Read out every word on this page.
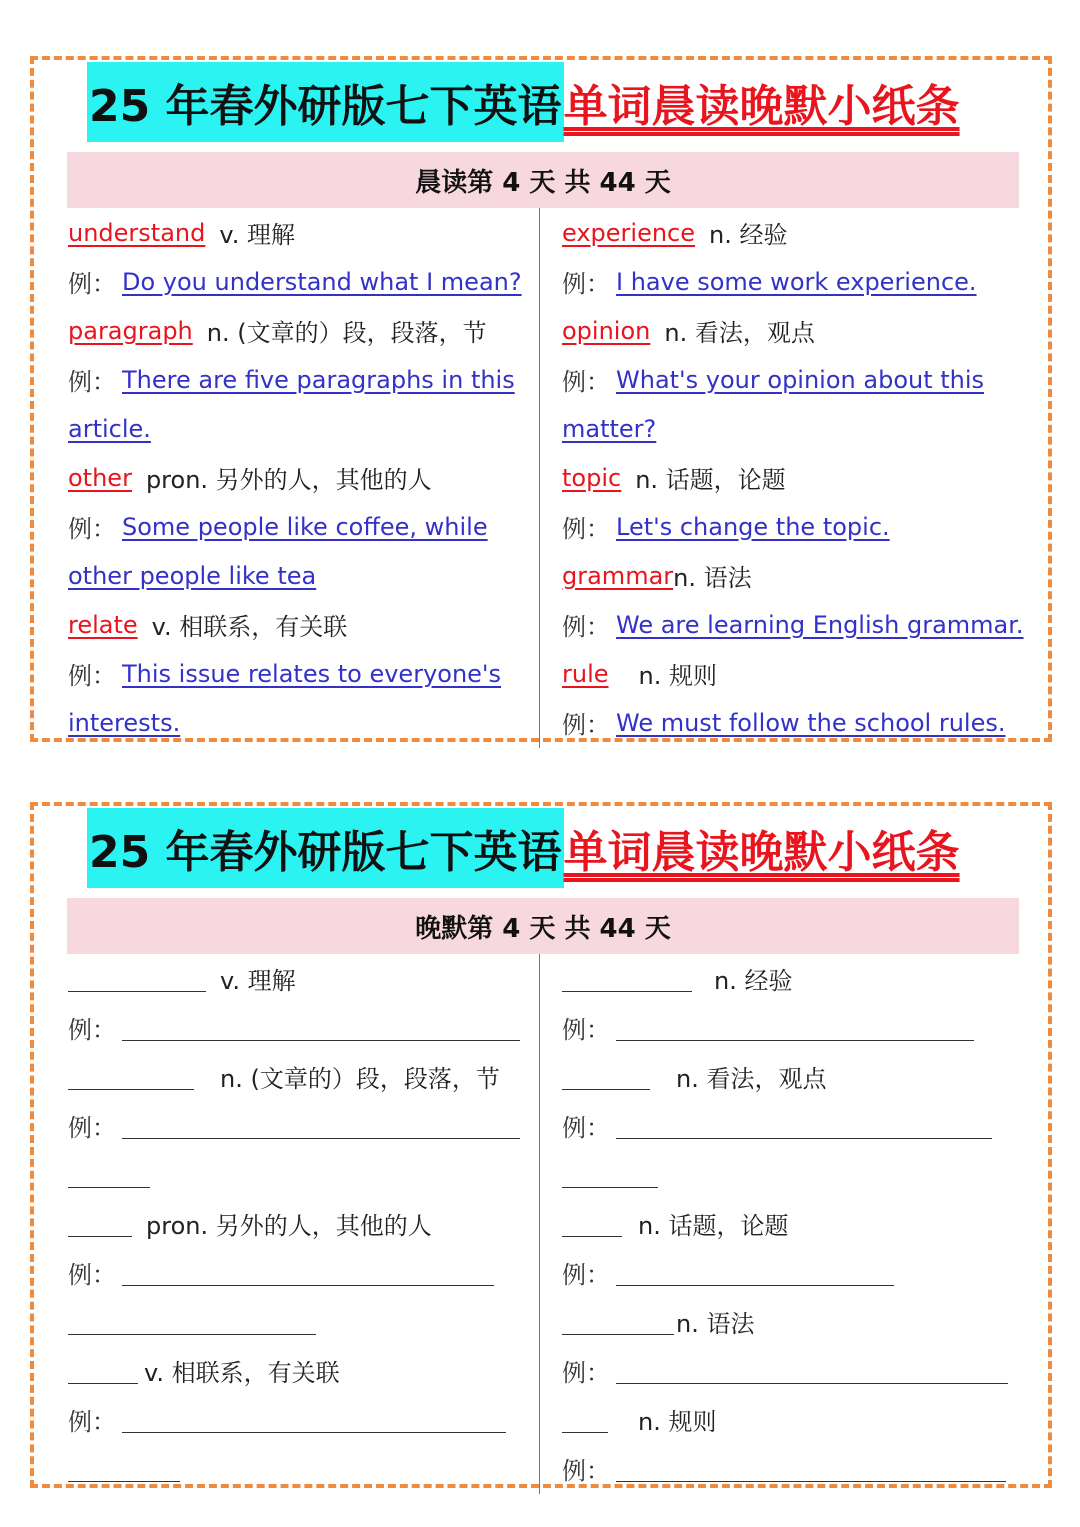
25 年春外研版七下英语 单词晨读晚默小纸条
晨读第 4 天 共 44 天
understand v. 理解
例： Do you understand what I mean?
paragraph n. (文章的）段，段落，节
例： There are five paragraphs in this
article.
other pron. 另外的人，其他的人
例： Some people like coffee, while
other people like tea
relate v. 相联系，有关联
例： This issue relates to everyone's
interests.
experience n. 经验
例： I have some work experience.
opinion n. 看法，观点
例： What's your opinion about this
matter?
topic n. 话题，论题
例： Let's change the topic.
grammar n. 语法
例： We are learning English grammar.
rule n. 规则
例： We must follow the school rules.
25 年春外研版七下英语 单词晨读晚默小纸条
晚默第 4 天 共 44 天
v. 理解
例：
n. (文章的）段，段落，节
例：
pron. 另外的人，其他的人
例：
v. 相联系，有关联
例：
n. 经验
例：
n. 看法，观点
例：
n. 话题，论题
例：
n. 语法
例：
n. 规则
例：
